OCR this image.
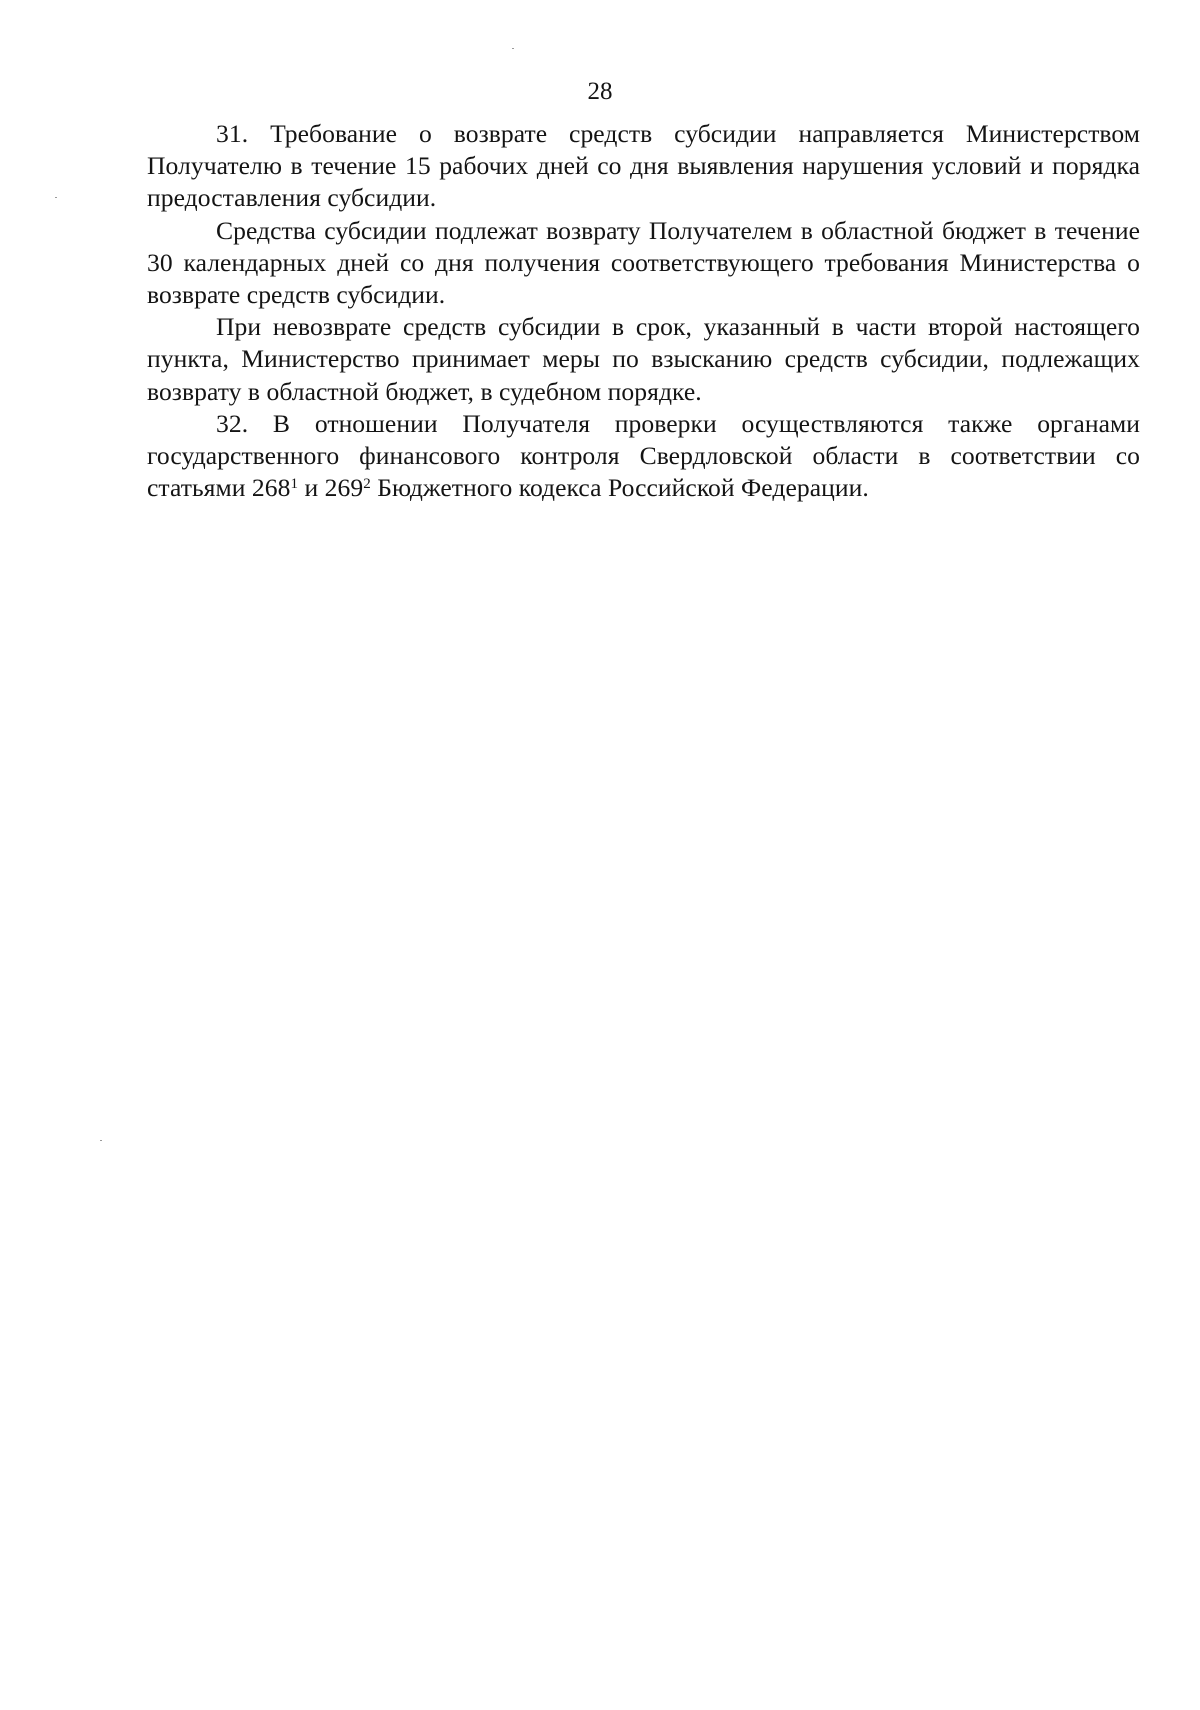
28

31. Требование о возврате средств субсидии направляется Министерством Получателю в течение 15 рабочих дней со дня выявления нарушения условий и порядка предоставления субсидии.

Средства субсидии подлежат возврату Получателем в областной бюджет в течение 30 календарных дней со дня получения соответствующего требования Министерства о возврате средств субсидии.

При невозврате средств субсидии в срок, указанный в части второй настоящего пункта, Министерство принимает меры по взысканию средств субсидии, подлежащих возврату в областной бюджет, в судебном порядке.

32. В отношении Получателя проверки осуществляются также органами государственного финансового контроля Свердловской области в соответствии со статьями $268^1$ и $269^2$ Бюджетного кодекса Российской Федерации.
